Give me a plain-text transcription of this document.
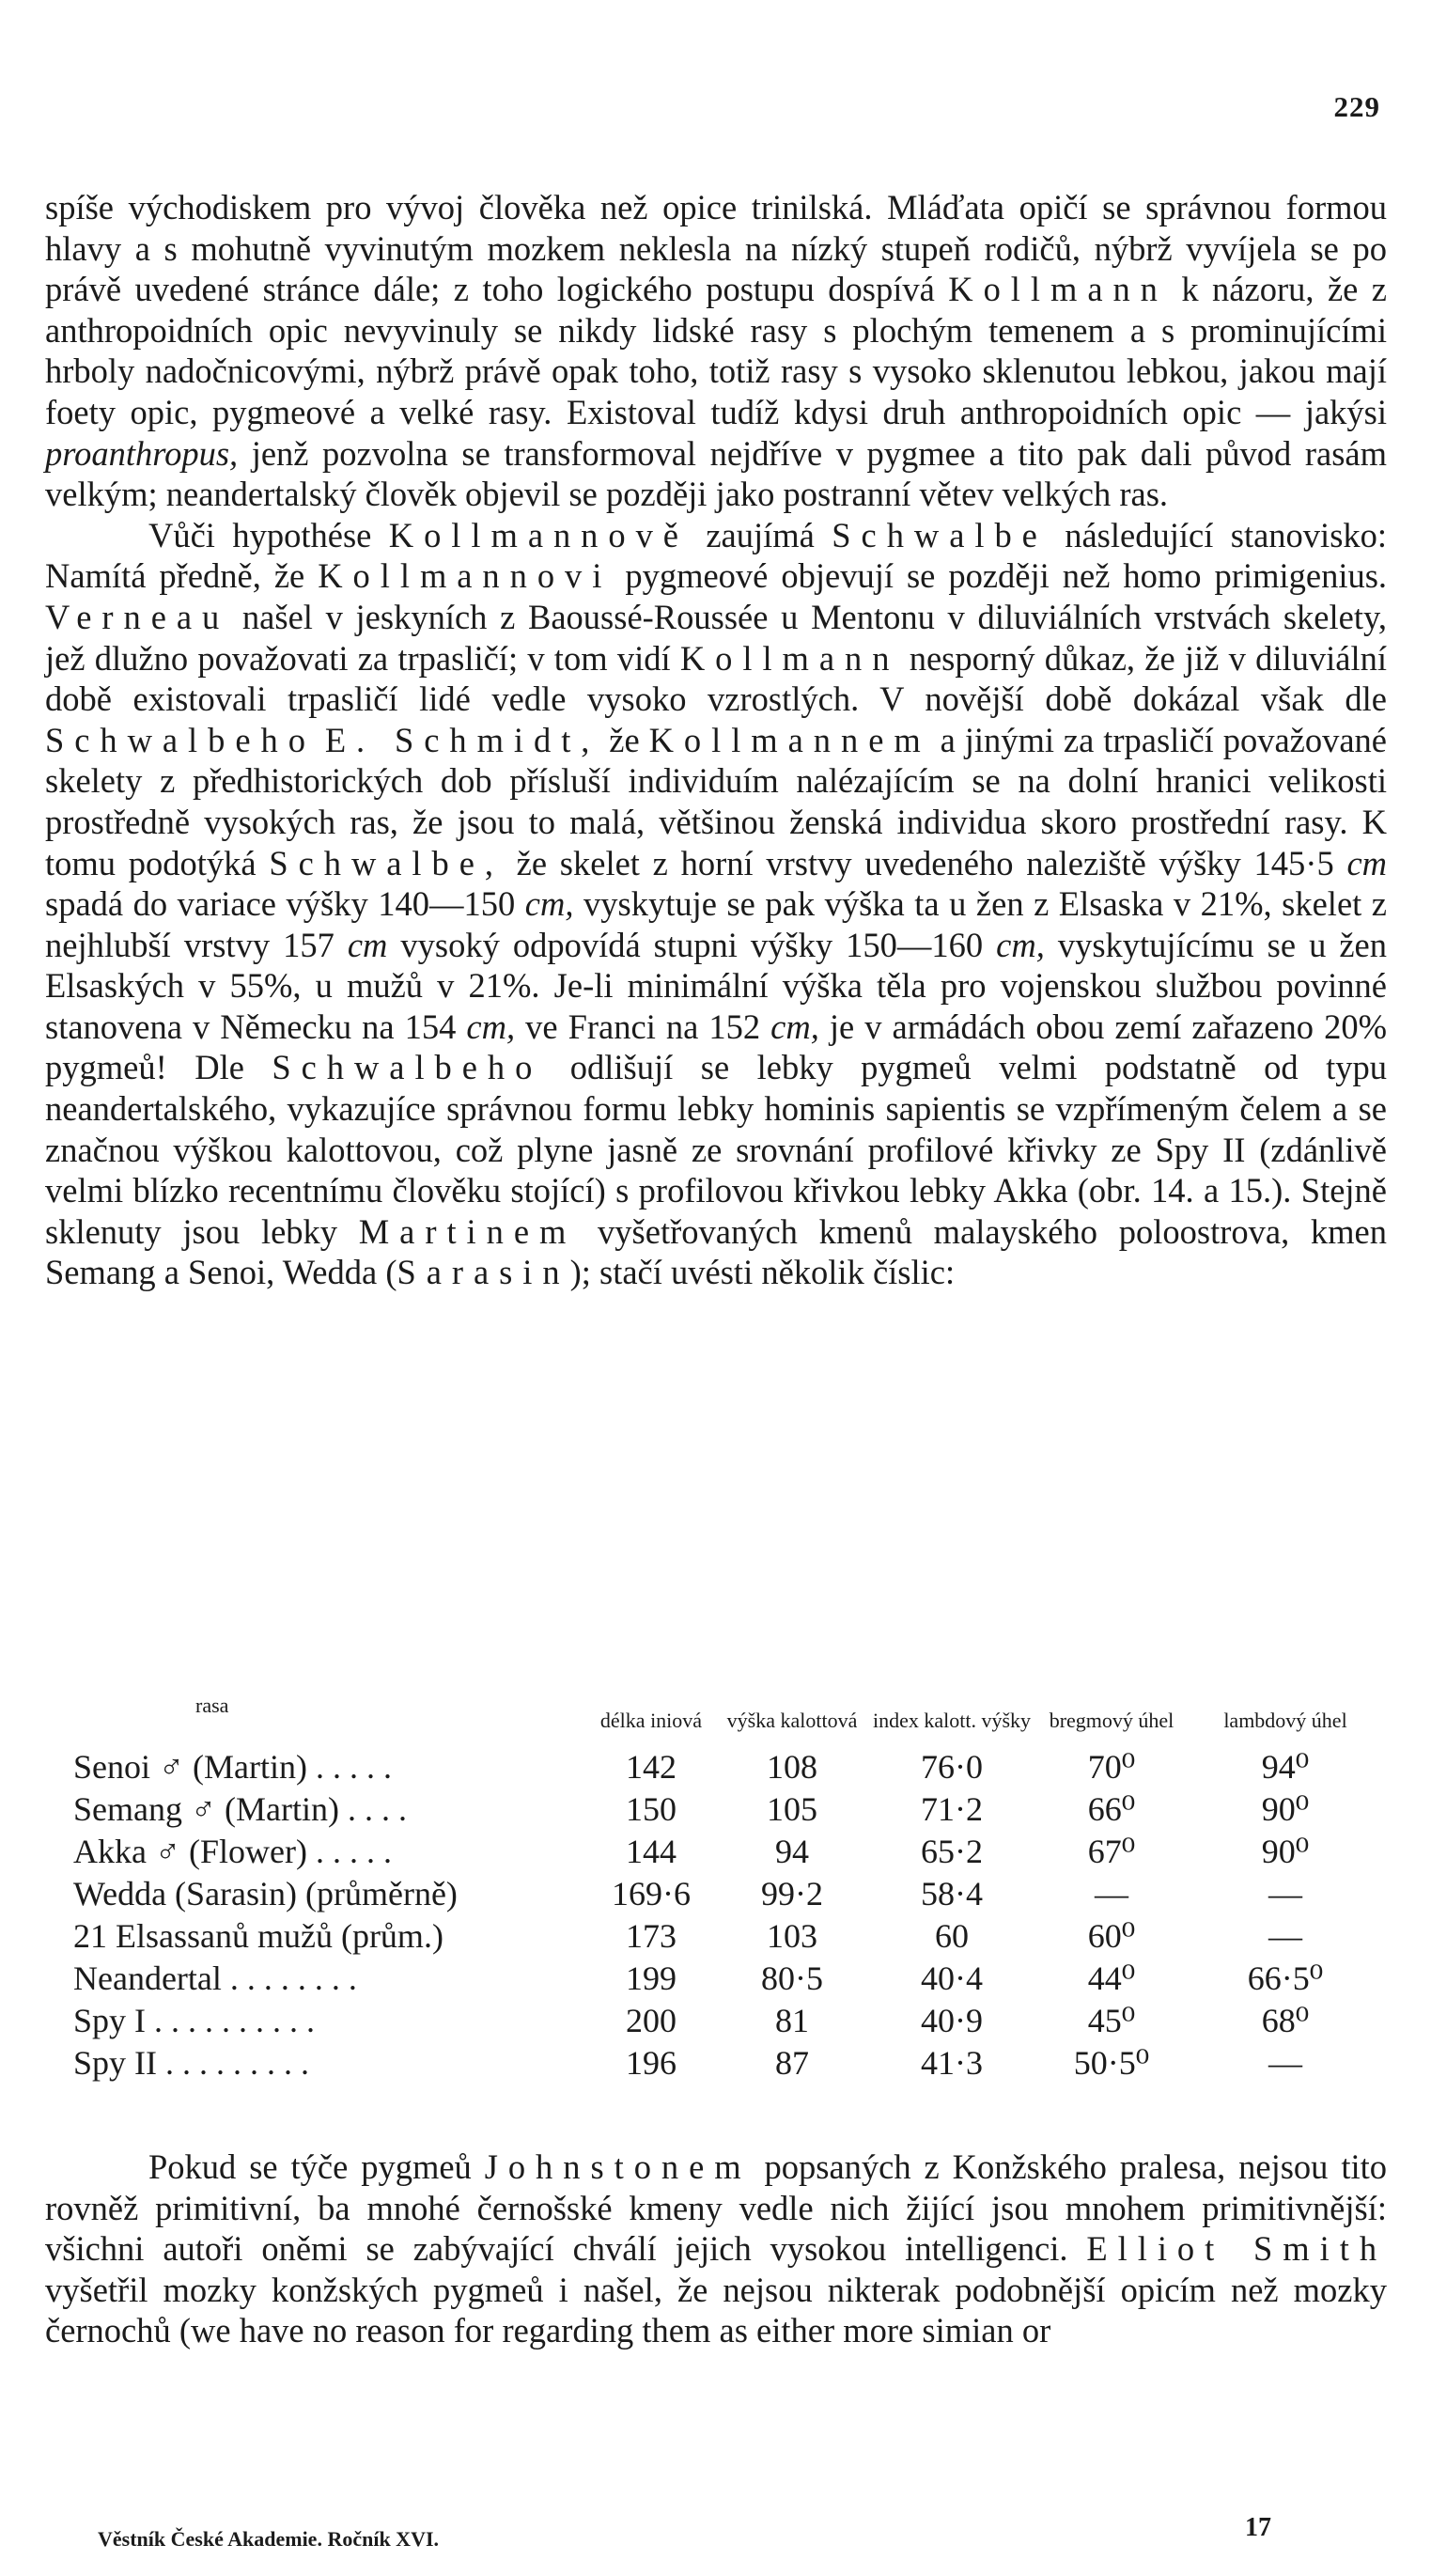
229

spíše východiskem pro vývoj člověka než opice trinilská. Mláďata opičí se správnou formou hlavy a s mohutně vyvinutým mozkem neklesla na nízký stupeň rodičů, nýbrž vyvíjela se po právě uvedené stránce dále; z toho logického postupu dospívá Kollmann k názoru, že z anthropoidních opic nevyvinuly se nikdy lidské rasy s plochým temenem a s prominujícími hrboly nadočnicovými, nýbrž právě opak toho, totiž rasy s vysoko sklenutou lebkou, jakou mají foety opic, pygmeové a velké rasy. Existoval tudíž kdysi druh anthropoidních opic — jakýsi proanthropus, jenž pozvolna se transformoval nejdříve v pygmee a tito pak dali původ rasám velkým; neandertalský člověk objevil se později jako postranní větev velkých ras.

Vůči hypothése Kollmannově zaujímá Schwalbe následující stanovisko: Namítá předně, že Kollmannovi pygmeové objevují se později než homo primigenius. Verneau našel v jeskyních z Baoussé-Roussée u Mentonu v diluviálních vrstvách skelety, jež dlužno považovati za trpasličí; v tom vidí Kollmann nesporný důkaz, že již v diluviální době existovali trpasličí lidé vedle vysoko vzrostlých. V novější době dokázal však dle Schwalbeho E. Schmidt, že Kollmannem a jinými za trpasličí považované skelety z předhistorických dob přísluší individuím nalézajícím se na dolní hranici velikosti prostředně vysokých ras, že jsou to malá, většinou ženská individua skoro prostřední rasy. K tomu podotýká Schwalbe, že skelet z horní vrstvy uvedeného naleziště výšky 145·5 cm spadá do variace výšky 140—150 cm, vyskytuje se pak výška ta u žen z Elsaska v 21%, skelet z nejhlubší vrstvy 157 cm vysoký odpovídá stupni výšky 150—160 cm, vyskytujícímu se u žen Elsaských v 55%, u mužů v 21%. Je-li minimální výška těla pro vojenskou službou povinné stanovena v Německu na 154 cm, ve Franci na 152 cm, je v armádách obou zemí zařazeno 20% pygmeů! Dle Schwalbeho odlišují se lebky pygmeů velmi podstatně od typu neandertalského, vykazujíce správnou formu lebky hominis sapientis se vzpřímeným čelem a se značnou výškou kalottovou, což plyne jasně ze srovnání profilové křivky ze Spy II (zdánlivě velmi blízko recentnímu člověku stojící) s profilovou křivkou lebky Akka (obr. 14. a 15.). Stejně sklenuty jsou lebky Martinem vyšetřovaných kmenů malayského poloostrova, kmen Semang a Senoi, Wedda (Sarasin); stačí uvésti několik číslic:

rasa	délka iniová	výška kalottová	index kalott. výšky	bregmový úhel	lambdový úhel
Senoi ♂ (Martin) . . . . .	142	108	76·0	70⁰	94⁰
Semang ♂ (Martin) . . . .	150	105	71·2	66⁰	90⁰
Akka ♂ (Flower) . . . . .	144	94	65·2	67⁰	90⁰
Wedda (Sarasin) (průměrně)	169·6	99·2	58·4	—	—
21 Elsassanů mužů (prům.)	173	103	60	60⁰	—
Neandertal . . . . . . . .	199	80·5	40·4	44⁰	66·5⁰
Spy I . . . . . . . . . .	200	81	40·9	45⁰	68⁰
Spy II . . . . . . . . .	196	87	41·3	50·5⁰	—

Pokud se týče pygmeů Johnstonem popsaných z Konžského pralesa, nejsou tito rovněž primitivní, ba mnohé černošské kmeny vedle nich žijící jsou mnohem primitivnější: všichni autoři oněmi se zabývající chválí jejich vysokou intelligenci. Elliot Smith vyšetřil mozky konžských pygmeů i našel, že nejsou nikterak podobnější opicím než mozky černochů (we have no reason for regarding them as either more simian or

Věstník České Akademie. Ročník XVI.	17
